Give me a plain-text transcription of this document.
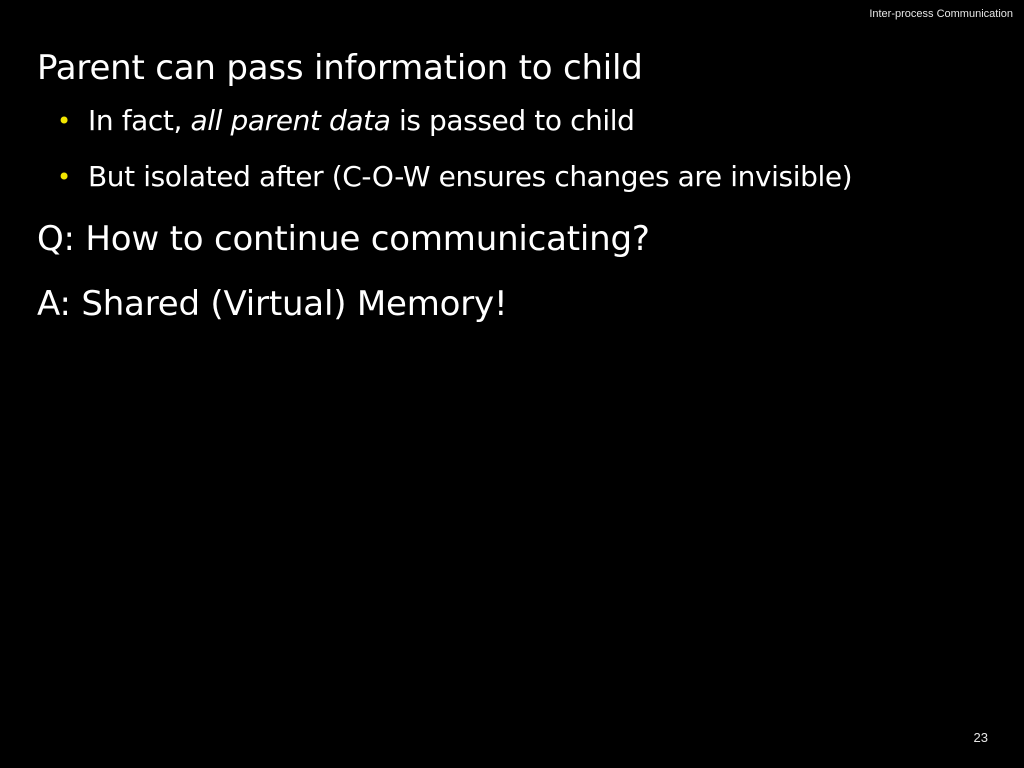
Inter-process Communication

Parent can pass information to child

• In fact, all parent data is passed to child

• But isolated after (C-O-W ensures changes are invisible)

Q: How to continue communicating?

A: Shared (Virtual) Memory!

23
